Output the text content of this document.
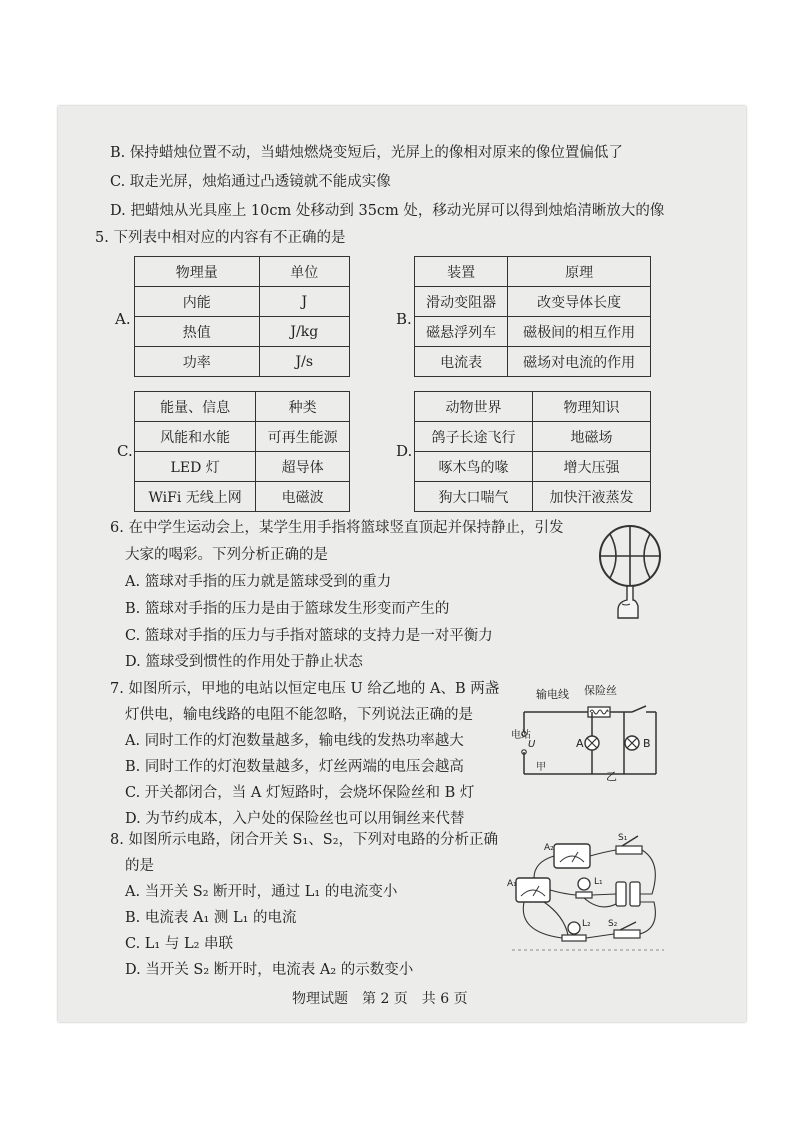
B. 保持蜡烛位置不动，当蜡烛燃烧变短后，光屏上的像相对原来的像位置偏低了
C. 取走光屏，烛焰通过凸透镜就不能成实像
D. 把蜡烛从光具座上 10cm 处移动到 35cm 处，移动光屏可以得到烛焰清晰放大的像
5. 下列表中相对应的内容有不正确的是
A.
物理量	单位
内能	J
热值	J/kg
功率	J/s
B.
装置	原理
滑动变阻器	改变导体长度
磁悬浮列车	磁极间的相互作用
电流表	磁场对电流的作用
C.
能量、信息	种类
风能和水能	可再生能源
LED 灯	超导体
WiFi 无线上网	电磁波
D.
动物世界	物理知识
鸽子长途飞行	地磁场
啄木鸟的喙	增大压强
狗大口喘气	加快汗液蒸发
6. 在中学生运动会上，某学生用手指将篮球竖直顶起并保持静止，引发
大家的喝彩。下列分析正确的是
A. 篮球对手指的压力就是篮球受到的重力
B. 篮球对手指的压力是由于篮球发生形变而产生的
C. 篮球对手指的压力与手指对篮球的支持力是一对平衡力
D. 篮球受到惯性的作用处于静止状态
7. 如图所示，甲地的电站以恒定电压 U 给乙地的 A、B 两盏
灯供电，输电线路的电阻不能忽略，下列说法正确的是
A. 同时工作的灯泡数量越多，输电线的发热功率越大
B. 同时工作的灯泡数量越多，灯丝两端的电压会越高
C. 开关都闭合，当 A 灯短路时，会烧坏保险丝和 B 灯
D. 为节约成本，入户处的保险丝也可以用铜丝来代替
输电线 保险丝
电站
U	A	B
甲
乙
8. 如图所示电路，闭合开关 S₁、S₂，下列对电路的分析正确
的是
A. 当开关 S₂ 断开时，通过 L₁ 的电流变小
B. 电流表 A₁ 测 L₁ 的电流
C. L₁ 与 L₂ 串联
D. 当开关 S₂ 断开时，电流表 A₂ 的示数变小
A₂
S₁
A₁	L₁
L₂ S₂
物理试题　第 2 页　共 6 页
